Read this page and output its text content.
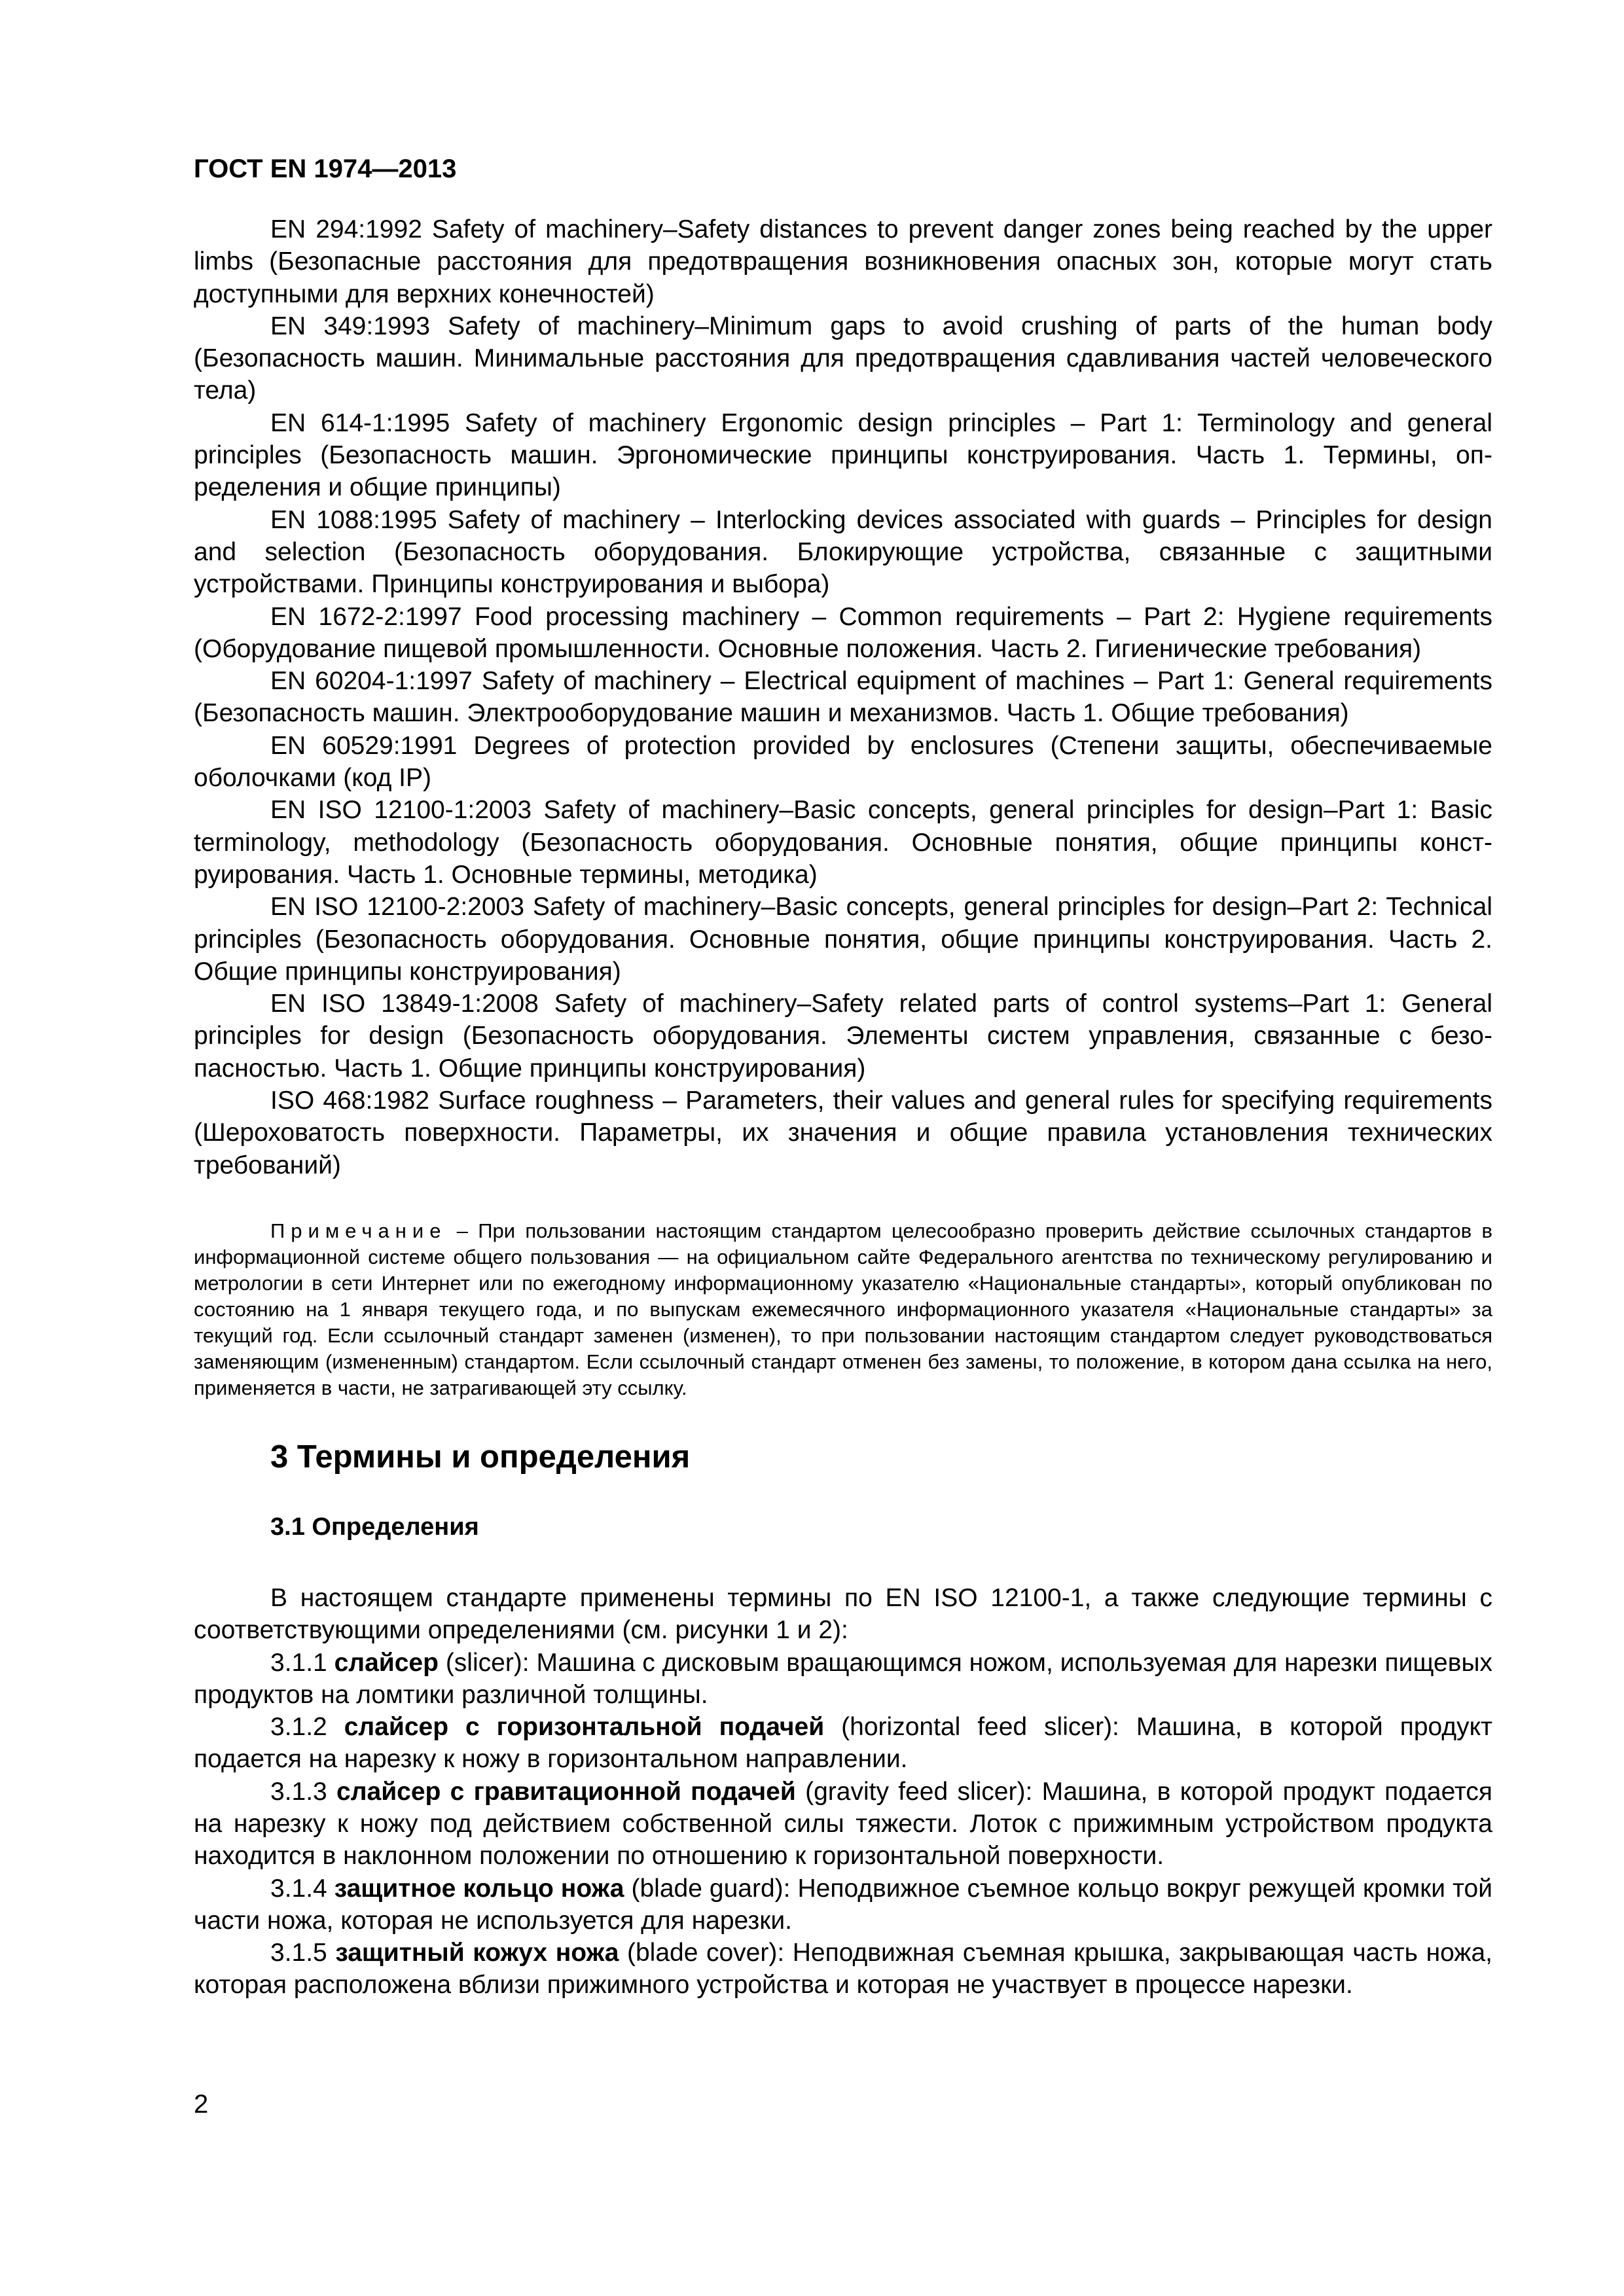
ГОСТ EN 1974—2013

EN 294:1992 Safety of machinery–Safety distances to prevent danger zones being reached by the upper limbs (Безопасные расстояния для предотвращения возникновения опасных зон, которые могут стать доступными для верхних конечностей)

EN 349:1993 Safety of machinery–Minimum gaps to avoid crushing of parts of the human body (Безопасность машин. Минимальные расстояния для предотвращения сдавливания частей человеческого тела)

EN 614-1:1995 Safety of machinery Ergonomic design principles – Part 1: Terminology and general principles (Безопасность машин. Эргономические принципы конструирования. Часть 1. Термины, определения и общие принципы)

EN 1088:1995 Safety of machinery – Interlocking devices associated with guards – Principles for design and selection (Безопасность оборудования. Блокирующие устройства, связанные с защитными устройствами. Принципы конструирования и выбора)

EN 1672-2:1997 Food processing machinery – Common requirements – Part 2: Hygiene requirements (Оборудование пищевой промышленности. Основные положения. Часть 2. Гигиенические требования)

EN 60204-1:1997 Safety of machinery – Electrical equipment of machines – Part 1: General requirements (Безопасность машин. Электрооборудование машин и механизмов. Часть 1. Общие требования)

EN 60529:1991 Degrees of protection provided by enclosures (Степени защиты, обеспечиваемые оболочками (код IP)

EN ISO 12100-1:2003 Safety of machinery–Basic concepts, general principles for design–Part 1: Basic terminology, methodology (Безопасность оборудования. Основные понятия, общие принципы конструирования. Часть 1. Основные термины, методика)

EN ISO 12100-2:2003 Safety of machinery–Basic concepts, general principles for design–Part 2: Technical principles (Безопасность оборудования. Основные понятия, общие принципы конструирования. Часть 2. Общие принципы конструирования)

EN ISO 13849-1:2008 Safety of machinery–Safety related parts of control systems–Part 1: General principles for design (Безопасность оборудования. Элементы систем управления, связанные с безопасностью. Часть 1. Общие принципы конструирования)

ISO 468:1982 Surface roughness – Parameters, their values and general rules for specifying requirements (Шероховатость поверхности. Параметры, их значения и общие правила установления технических требований)

Примечание – При пользовании настоящим стандартом целесообразно проверить действие ссылочных стандартов в информационной системе общего пользования — на официальном сайте Федерального агентства по техническому регулированию и метрологии в сети Интернет или по ежегодному информационному указателю «Национальные стандарты», который опубликован по состоянию на 1 января текущего года, и по выпускам ежемесячного информационного указателя «Национальные стандарты» за текущий год. Если ссылочный стандарт заменен (изменен), то при пользовании настоящим стандартом следует руководствоваться заменяющим (измененным) стандартом. Если ссылочный стандарт отменен без замены, то положение, в котором дана ссылка на него, применяется в части, не затрагивающей эту ссылку.

3 Термины и определения
3.1 Определения

В настоящем стандарте применены термины по EN ISO 12100-1, а также следующие термины с соответствующими определениями (см. рисунки 1 и 2):

3.1.1 слайсер (slicer): Машина с дисковым вращающимся ножом, используемая для нарезки пищевых продуктов на ломтики различной толщины.

3.1.2 слайсер с горизонтальной подачей (horizontal feed slicer): Машина, в которой продукт подается на нарезку к ножу в горизонтальном направлении.

3.1.3 слайсер с гравитационной подачей (gravity feed slicer): Машина, в которой продукт подается на нарезку к ножу под действием собственной силы тяжести. Лоток с прижимным устройством продукта находится в наклонном положении по отношению к горизонтальной поверхности.

3.1.4 защитное кольцо ножа (blade guard): Неподвижное съемное кольцо вокруг режущей кромки той части ножа, которая не используется для нарезки.

3.1.5 защитный кожух ножа (blade cover): Неподвижная съемная крышка, закрывающая часть ножа, которая расположена вблизи прижимного устройства и которая не участвует в процессе нарезки.

2
